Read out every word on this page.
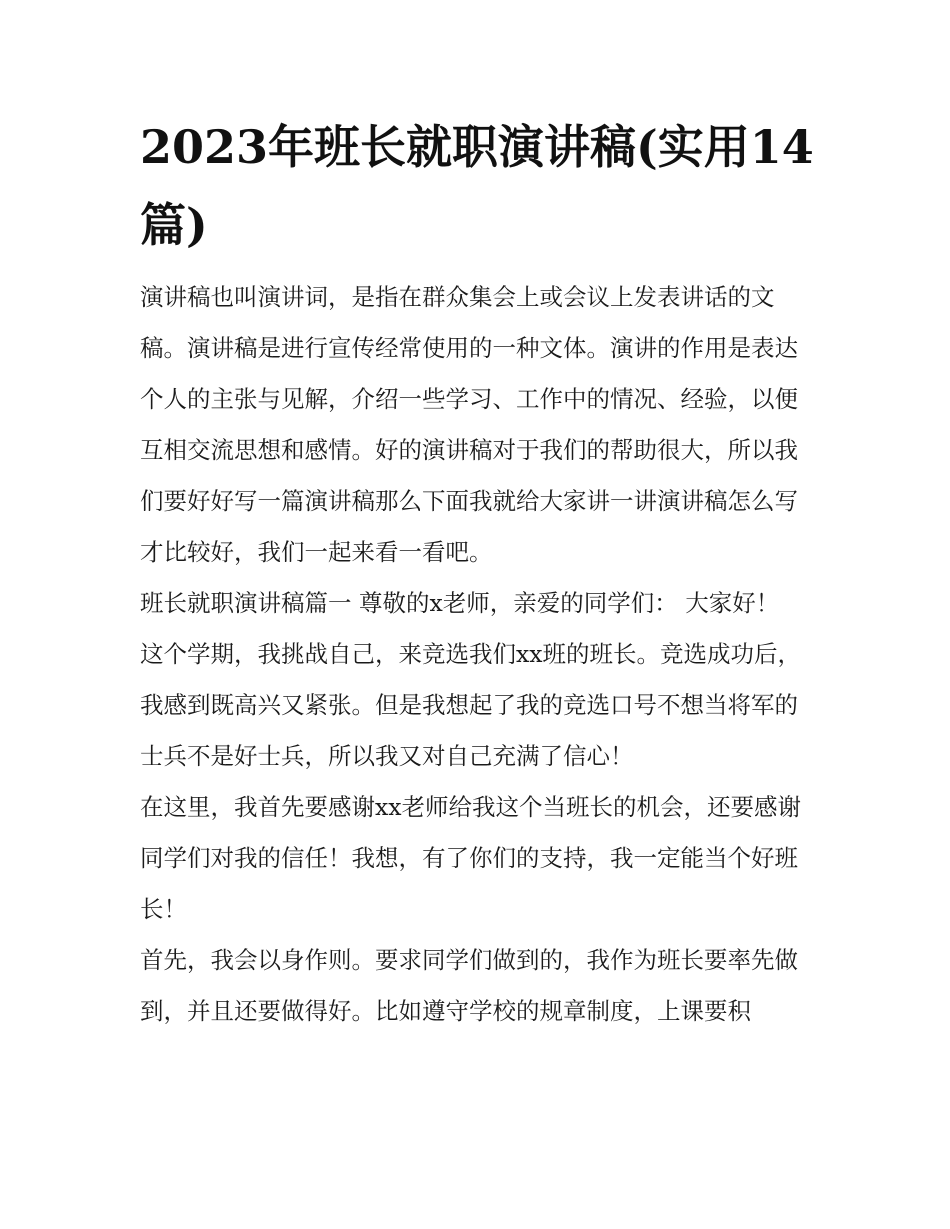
2023年班长就职演讲稿(实用14篇)

演讲稿也叫演讲词，是指在群众集会上或会议上发表讲话的文稿。演讲稿是进行宣传经常使用的一种文体。演讲的作用是表达个人的主张与见解，介绍一些学习、工作中的情况、经验，以便互相交流思想和感情。好的演讲稿对于我们的帮助很大，所以我们要好好写一篇演讲稿那么下面我就给大家讲一讲演讲稿怎么写才比较好，我们一起来看一看吧。

班长就职演讲稿篇一 尊敬的x老师，亲爱的同学们： 大家好！

这个学期，我挑战自己，来竞选我们xx班的班长。竞选成功后，我感到既高兴又紧张。但是我想起了我的竞选口号不想当将军的士兵不是好士兵，所以我又对自己充满了信心！

在这里，我首先要感谢xx老师给我这个当班长的机会，还要感谢同学们对我的信任！我想，有了你们的支持，我一定能当个好班长！

首先，我会以身作则。要求同学们做到的，我作为班长要率先做到，并且还要做得好。比如遵守学校的规章制度，上课要积
